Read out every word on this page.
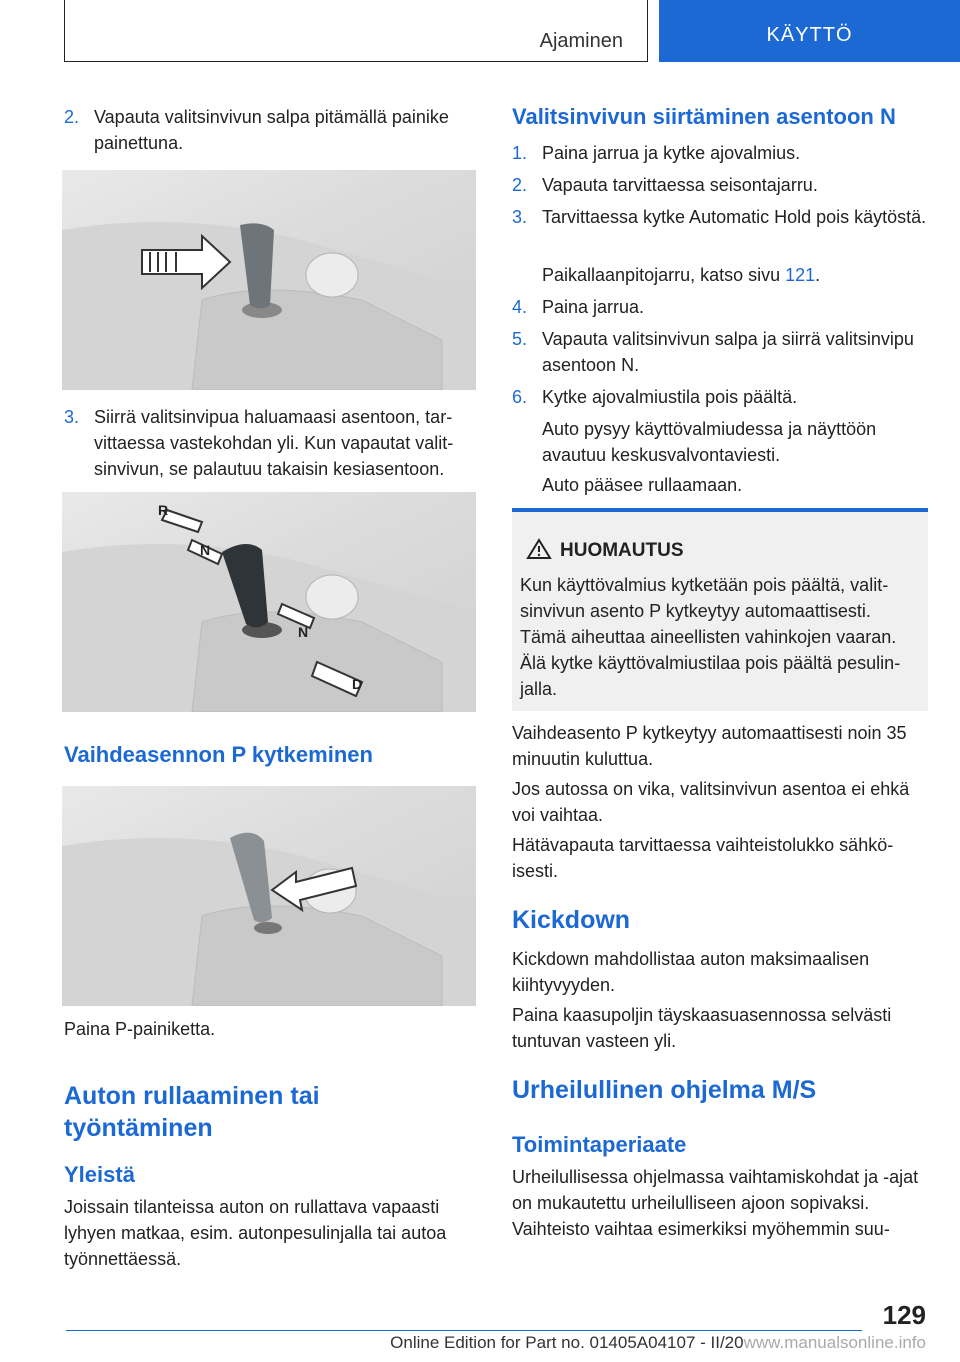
Ajaminen	KÄYTTÖ
2. Vapauta valitsinvivun salpa pitämällä painike painettuna.
3. Siirrä valitsinvipua haluamaasi asentoon, tarvittaessa vastekohdan yli. Kun vapautat valitsinvivun, se palautuu takaisin kesiasentoon.
R
N
N
D
Vaihdeasennon P kytkeminen
Paina P-painiketta.
Auton rullaaminen tai työntäminen
Yleistä
Joissain tilanteissa auton on rullattava vapaasti lyhyen matkaa, esim. autonpesulinjalla tai autoa työnnettäessä.
Valitsinvivun siirtäminen asentoon N
1. Paina jarrua ja kytke ajovalmius.
2. Vapauta tarvittaessa seisontajarru.
3. Tarvittaessa kytke Automatic Hold pois käytöstä.
Paikallaanpitojarru, katso sivu 121.
4. Paina jarrua.
5. Vapauta valitsinvivun salpa ja siirrä valitsinvipu asentoon N.
6. Kytke ajovalmiustila pois päältä.
Auto pysyy käyttövalmiudessa ja näyttöön avautuu keskusvalvontaviesti.
Auto pääsee rullaamaan.
HUOMAUTUS
Kun käyttövalmius kytketään pois päältä, valitsinvivun asento P kytkeytyy automaattisesti. Tämä aiheuttaa aineellisten vahinkojen vaaran. Älä kytke käyttövalmiustilaa pois päältä pesulinjalla.
Vaihdeasento P kytkeytyy automaattisesti noin 35 minuutin kuluttua.
Jos autossa on vika, valitsinvivun asentoa ei ehkä voi vaihtaa.
Hätävapauta tarvittaessa vaihteistolukko sähköisesti.
Kickdown
Kickdown mahdollistaa auton maksimaalisen kiihtyvyyden.
Paina kaasupoljin täyskaasuasennossa selvästi tuntuvan vasteen yli.
Urheilullinen ohjelma M/S
Toimintaperiaate
Urheilullisessa ohjelmassa vaihtamiskohdat ja -ajat on mukautettu urheilulliseen ajoon sopivaksi. Vaihteisto vaihtaa esimerkiksi myöhemmin suu-
129
Online Edition for Part no. 01405A04107 - II/20www.manualsonline.info
